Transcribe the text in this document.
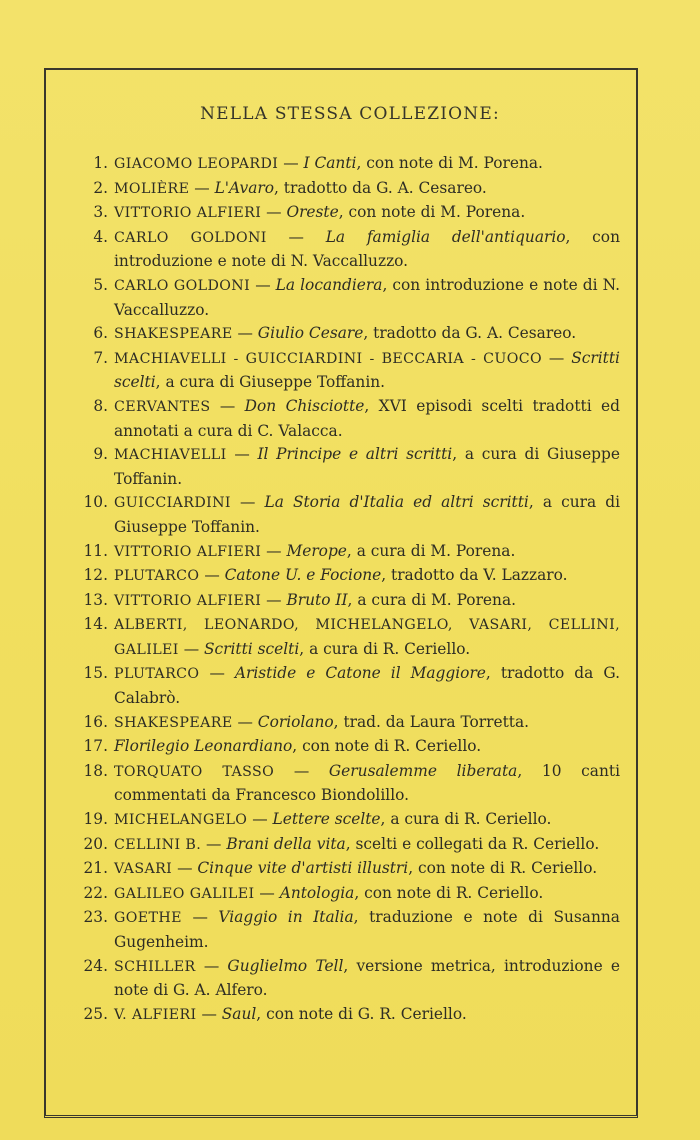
NELLA STESSA COLLEZIONE:
1. GIACOMO LEOPARDI — I Canti, con note di M. Porena.
2. MOLIÈRE — L'Avaro, tradotto da G. A. Cesareo.
3. VITTORIO ALFIERI — Oreste, con note di M. Porena.
4. CARLO GOLDONI — La famiglia dell'antiquario, con introduzione e note di N. Vaccalluzzo.
5. CARLO GOLDONI — La locandiera, con introduzione e note di N. Vaccalluzzo.
6. SHAKESPEARE — Giulio Cesare, tradotto da G. A. Cesareo.
7. MACHIAVELLI - GUICCIARDINI - BECCARIA - CUOCO — Scritti scelti, a cura di Giuseppe Toffanin.
8. CERVANTES — Don Chisciotte, XVI episodi scelti tradotti ed annotati a cura di C. Valacca.
9. MACHIAVELLI — Il Principe e altri scritti, a cura di Giuseppe Toffanin.
10. GUICCIARDINI — La Storia d'Italia ed altri scritti, a cura di Giuseppe Toffanin.
11. VITTORIO ALFIERI — Merope, a cura di M. Porena.
12. PLUTARCO — Catone U. e Focione, tradotto da V. Lazzaro.
13. VITTORIO ALFIERI — Bruto II, a cura di M. Porena.
14. ALBERTI, LEONARDO, MICHELANGELO, VASARI, CELLINI, GALILEI — Scritti scelti, a cura di R. Ceriello.
15. PLUTARCO — Aristide e Catone il Maggiore, tradotto da G. Calabrò.
16. SHAKESPEARE — Coriolano, trad. da Laura Torretta.
17. Florilegio Leonardiano, con note di R. Ceriello.
18. TORQUATO TASSO — Gerusalemme liberata, 10 canti commentati da Francesco Biondolillo.
19. MICHELANGELO — Lettere scelte, a cura di R. Ceriello.
20. CELLINI B. — Brani della vita, scelti e collegati da R. Ceriello.
21. VASARI — Cinque vite d'artisti illustri, con note di R. Ceriello.
22. GALILEO GALILEI — Antologia, con note di R. Ceriello.
23. GOETHE — Viaggio in Italia, traduzione e note di Susanna Gugenheim.
24. SCHILLER — Guglielmo Tell, versione metrica, introduzione e note di G. A. Alfero.
25. V. ALFIERI — Saul, con note di G. R. Ceriello.
